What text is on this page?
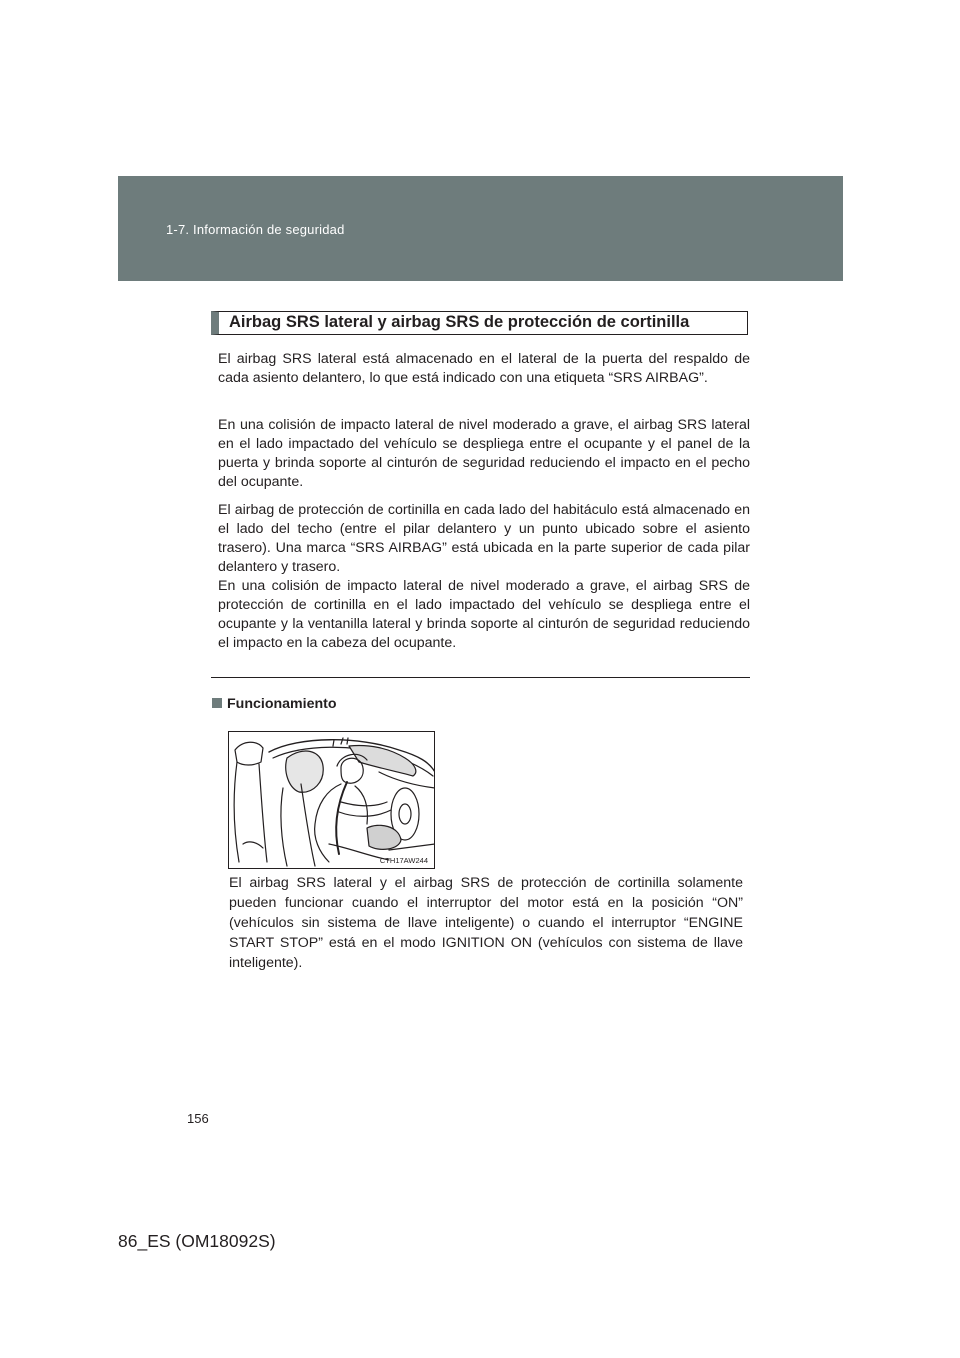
1-7. Información de seguridad
Airbag SRS lateral y airbag SRS de protección de cortinilla
El airbag SRS lateral está almacenado en el lateral de la puerta del respaldo de cada asiento delantero, lo que está indicado con una etiqueta “SRS AIRBAG”.
En una colisión de impacto lateral de nivel moderado a grave, el airbag SRS lateral en el lado impactado del vehículo se despliega entre el ocupante y el panel de la puerta y brinda soporte al cinturón de seguridad reduciendo el impacto en el pecho del ocupante.
El airbag de protección de cortinilla en cada lado del habitáculo está almacenado en el lado del techo (entre el pilar delantero y un punto ubicado sobre el asiento trasero). Una marca “SRS AIRBAG” está ubicada en la parte superior de cada pilar delantero y trasero.
En una colisión de impacto lateral de nivel moderado a grave, el airbag SRS de protección de cortinilla en el lado impactado del vehículo se despliega entre el ocupante y la ventanilla lateral y brinda soporte al cinturón de seguridad reduciendo el impacto en la cabeza del ocupante.
Funcionamiento
CTH17AW244
El airbag SRS lateral y el airbag SRS de protección de cortinilla solamente pueden funcionar cuando el interruptor del motor está en la posición “ON” (vehículos sin sistema de llave inteligente) o cuando el interruptor “ENGINE START STOP” está en el modo IGNITION ON (vehículos con sistema de llave inteligente).
156
86_ES (OM18092S)
